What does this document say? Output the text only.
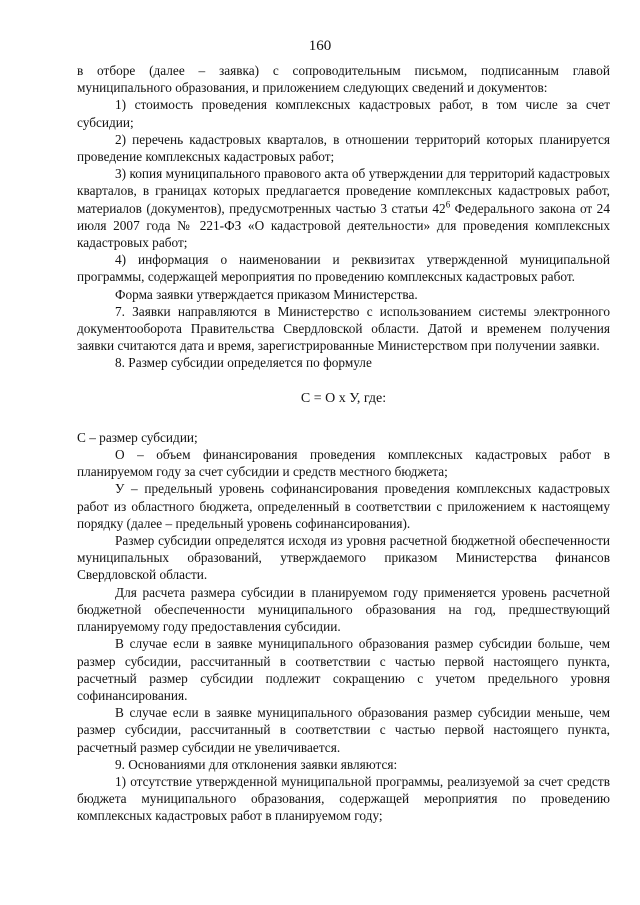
160

в отборе (далее – заявка) с сопроводительным письмом, подписанным главой муниципального образования, и приложением следующих сведений и документов:

1) стоимость проведения комплексных кадастровых работ, в том числе за счет субсидии;

2) перечень кадастровых кварталов, в отношении территорий которых планируется проведение комплексных кадастровых работ;

3) копия муниципального правового акта об утверждении для территорий кадастровых кварталов, в границах которых предлагается проведение комплексных кадастровых работ, материалов (документов), предусмотренных частью 3 статьи $42^6$ Федерального закона от 24 июля 2007 года № 221-ФЗ «О кадастровой деятельности» для проведения комплексных кадастровых работ;

4) информация о наименовании и реквизитах утвержденной муниципальной программы, содержащей мероприятия по проведению комплексных кадастровых работ.

Форма заявки утверждается приказом Министерства.

7. Заявки направляются в Министерство с использованием системы электронного документооборота Правительства Свердловской области. Датой и временем получения заявки считаются дата и время, зарегистрированные Министерством при получении заявки.

8. Размер субсидии определяется по формуле

С = О х У, где:

С – размер субсидии;

О – объем финансирования проведения комплексных кадастровых работ в планируемом году за счет субсидии и средств местного бюджета;

У – предельный уровень софинансирования проведения комплексных кадастровых работ из областного бюджета, определенный в соответствии с приложением к настоящему порядку (далее – предельный уровень софинансирования).

Размер субсидии определятся исходя из уровня расчетной бюджетной обеспеченности муниципальных образований, утверждаемого приказом Министерства финансов Свердловской области.

Для расчета размера субсидии в планируемом году применяется уровень расчетной бюджетной обеспеченности муниципального образования на год, предшествующий планируемому году предоставления субсидии.

В случае если в заявке муниципального образования размер субсидии больше, чем размер субсидии, рассчитанный в соответствии с частью первой настоящего пункта, расчетный размер субсидии подлежит сокращению с учетом предельного уровня софинансирования.

В случае если в заявке муниципального образования размер субсидии меньше, чем размер субсидии, рассчитанный в соответствии с частью первой настоящего пункта, расчетный размер субсидии не увеличивается.

9. Основаниями для отклонения заявки являются:

1) отсутствие утвержденной муниципальной программы, реализуемой за счет средств бюджета муниципального образования, содержащей мероприятия по проведению комплексных кадастровых работ в планируемом году;
